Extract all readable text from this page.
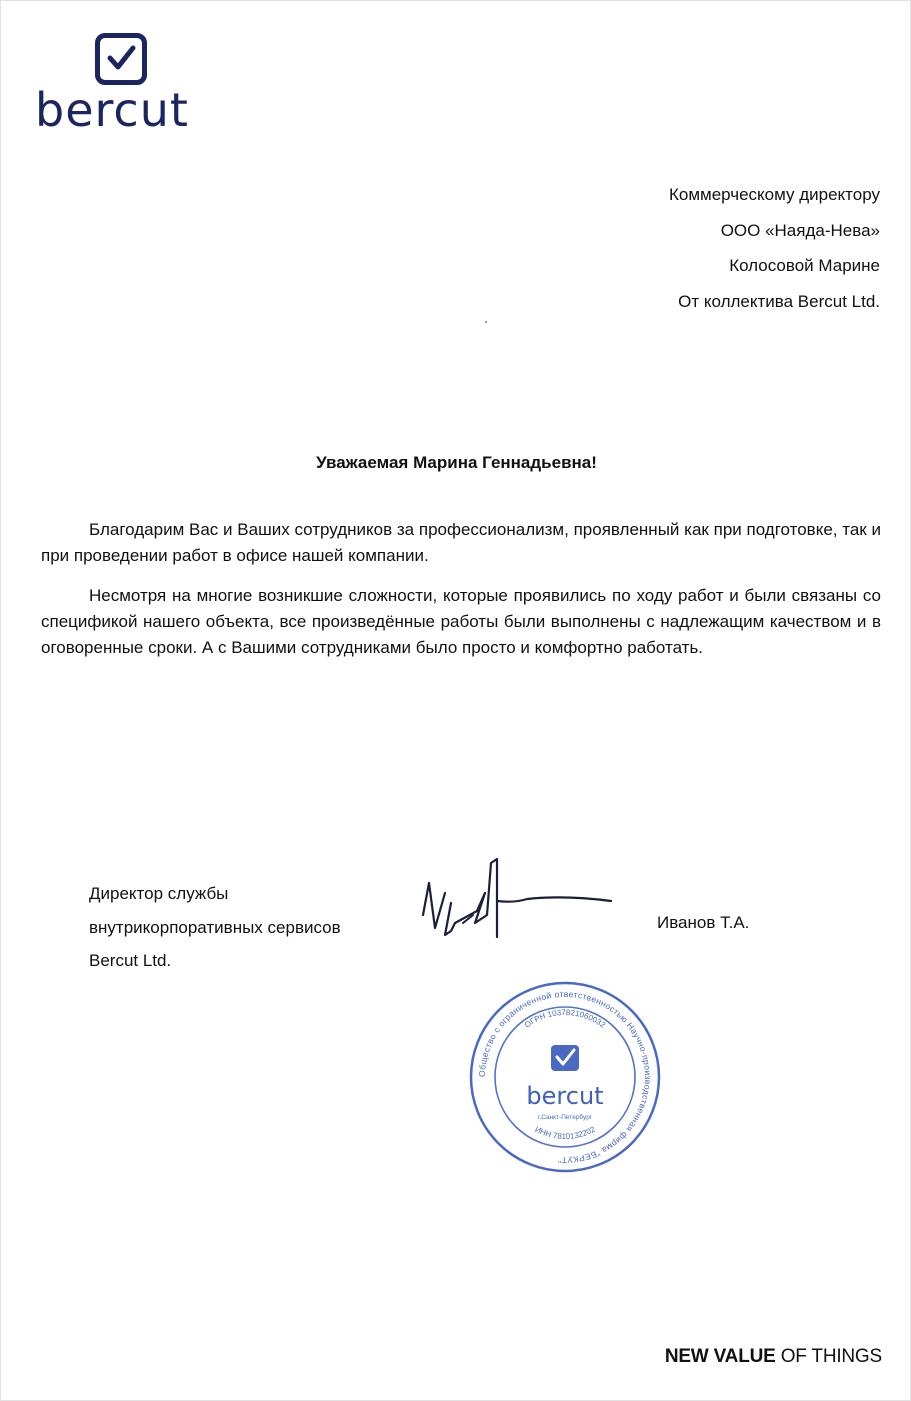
bercut
Коммерческому директору
ООО «Наяда-Нева»
Колосовой Марине
От коллектива Bercut Ltd.
Уважаемая Марина Геннадьевна!

Благодарим Вас и Ваших сотрудников за профессионализм, проявленный как при подготовке, так и при проведении работ в офисе нашей компании.

Несмотря на многие возникшие сложности, которые проявились по ходу работ и были связаны со спецификой нашего объекта, все произведённые работы были выполнены с надлежащим качеством и в оговоренные сроки. А с Вашими сотрудниками было просто и комфортно работать.

Директор службы
внутрикорпоративных сервисов
Bercut Ltd.
Иванов Т.А.
Общество с ограниченной ответственностью Научно-производственная фирма "БЕРКУТ"
ОГРН 1037821060032
ИНН 7810132202
bercut
г.Санкт-Петербург
NEW VALUE OF THINGS
